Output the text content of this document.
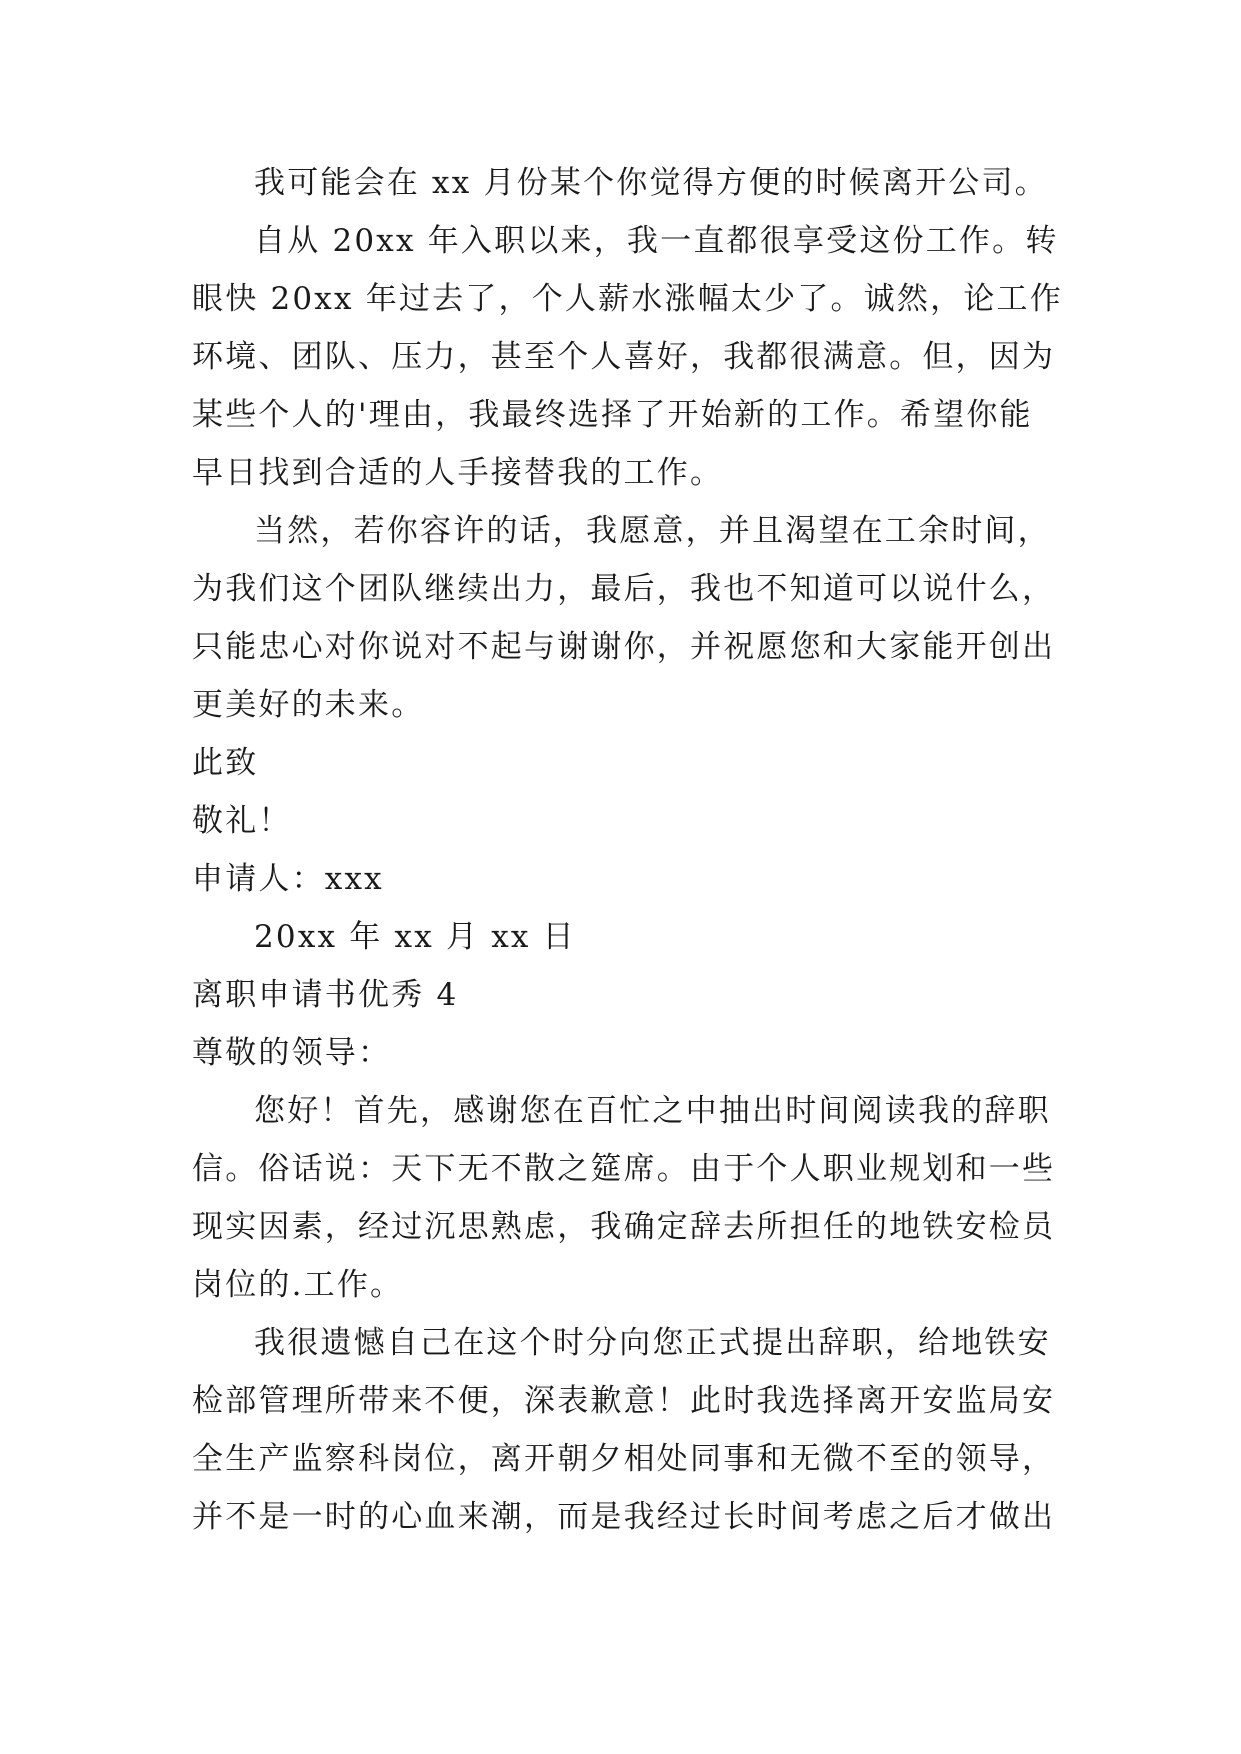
我可能会在 xx 月份某个你觉得方便的时候离开公司。

自从 20xx 年入职以来，我一直都很享受这份工作。转

眼快 20xx 年过去了，个人薪水涨幅太少了。诚然，论工作

环境、团队、压力，甚至个人喜好，我都很满意。但，因为

某些个人的'理由，我最终选择了开始新的工作。希望你能

早日找到合适的人手接替我的工作。

当然，若你容许的话，我愿意，并且渴望在工余时间，

为我们这个团队继续出力，最后，我也不知道可以说什么，

只能忠心对你说对不起与谢谢你，并祝愿您和大家能开创出

更美好的未来。

此致

敬礼！

申请人：xxx

20xx 年 xx 月 xx 日

离职申请书优秀 4

尊敬的领导：

您好！首先，感谢您在百忙之中抽出时间阅读我的辞职

信。俗话说：天下无不散之筵席。由于个人职业规划和一些

现实因素，经过沉思熟虑，我确定辞去所担任的地铁安检员

岗位的.工作。

我很遗憾自己在这个时分向您正式提出辞职，给地铁安

检部管理所带来不便，深表歉意！此时我选择离开安监局安

全生产监察科岗位，离开朝夕相处同事和无微不至的领导，

并不是一时的心血来潮，而是我经过长时间考虑之后才做出
